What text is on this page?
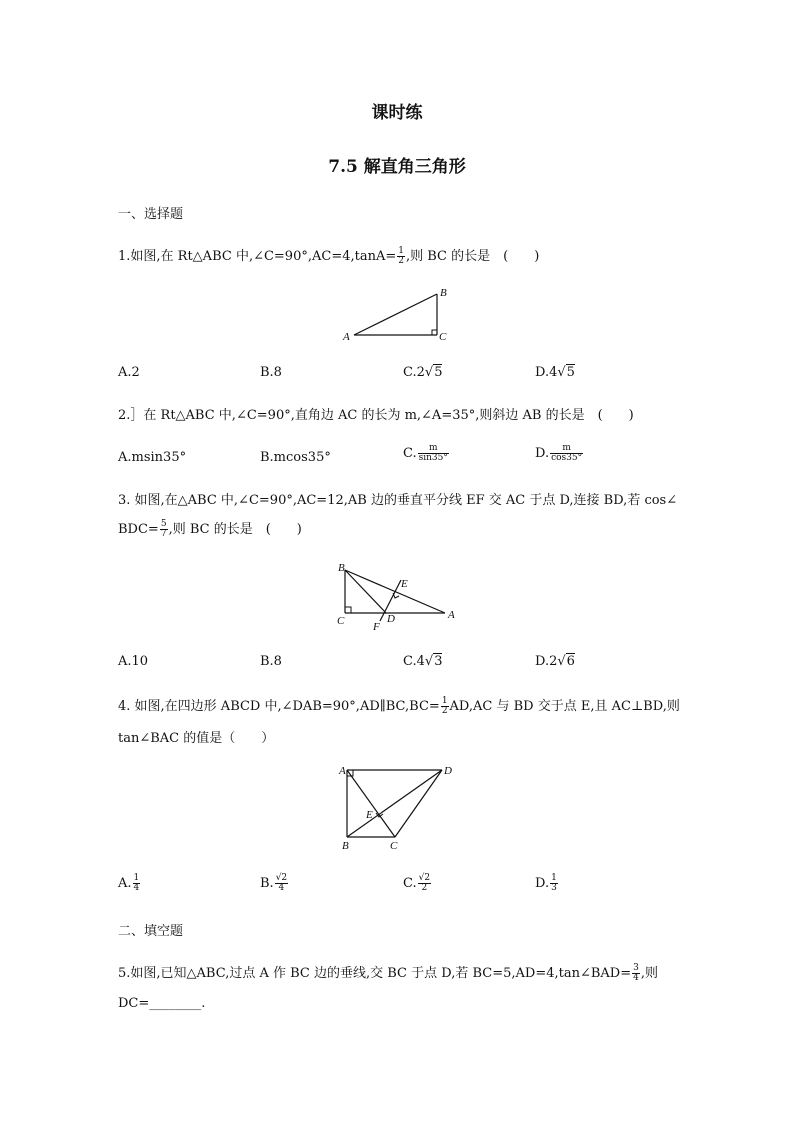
课时练
7.5 解直角三角形
一、选择题
1.如图,在 Rt△ABC 中,∠C=90°,AC=4,tanA= $\frac{1}{2}$ ,则 BC 的长是　(　　)
A
B
C
A.2	B.8	C.2√5	D.4√5
2.］在 Rt△ABC 中,∠C=90°,直角边 AC 的长为 m,∠A=35°,则斜边 AB 的长是　(　　)
A.msin35°	B.mcos35°	C. $\frac{m}{\sin 35^\circ}$	D. $\frac{m}{\cos 35^\circ}$
3. 如图,在△ABC 中,∠C=90°,AC=12,AB 边的垂直平分线 EF 交 AC 于点 D,连接 BD,若 cos∠
$BDC= \frac{5}{7}$ ,则 BC 的长是　(　　)
B
C	A
D
E
F
A.10	B.8	C.4√3	D.2√6
4. 如图,在四边形 ABCD 中,∠DAB=90°,AD∥BC,BC= $\frac{1}{2} AD,AC$ 与 BD 交于点 E,且 AC⊥BD,则
tan∠BAC 的值是（　　）
A	D
B	C
E
A. $\frac{1}{4}$	B. $\frac{√2}{4}$	C. $\frac{√2}{2}$	D. $\frac{1}{3}$
二、填空题
5.如图,已知△ABC,过点 A 作 BC 边的垂线,交 BC 于点 D,若 BC=5,AD=4,tan∠BAD= $\frac{3}{4}$ ,则
DC=________.
